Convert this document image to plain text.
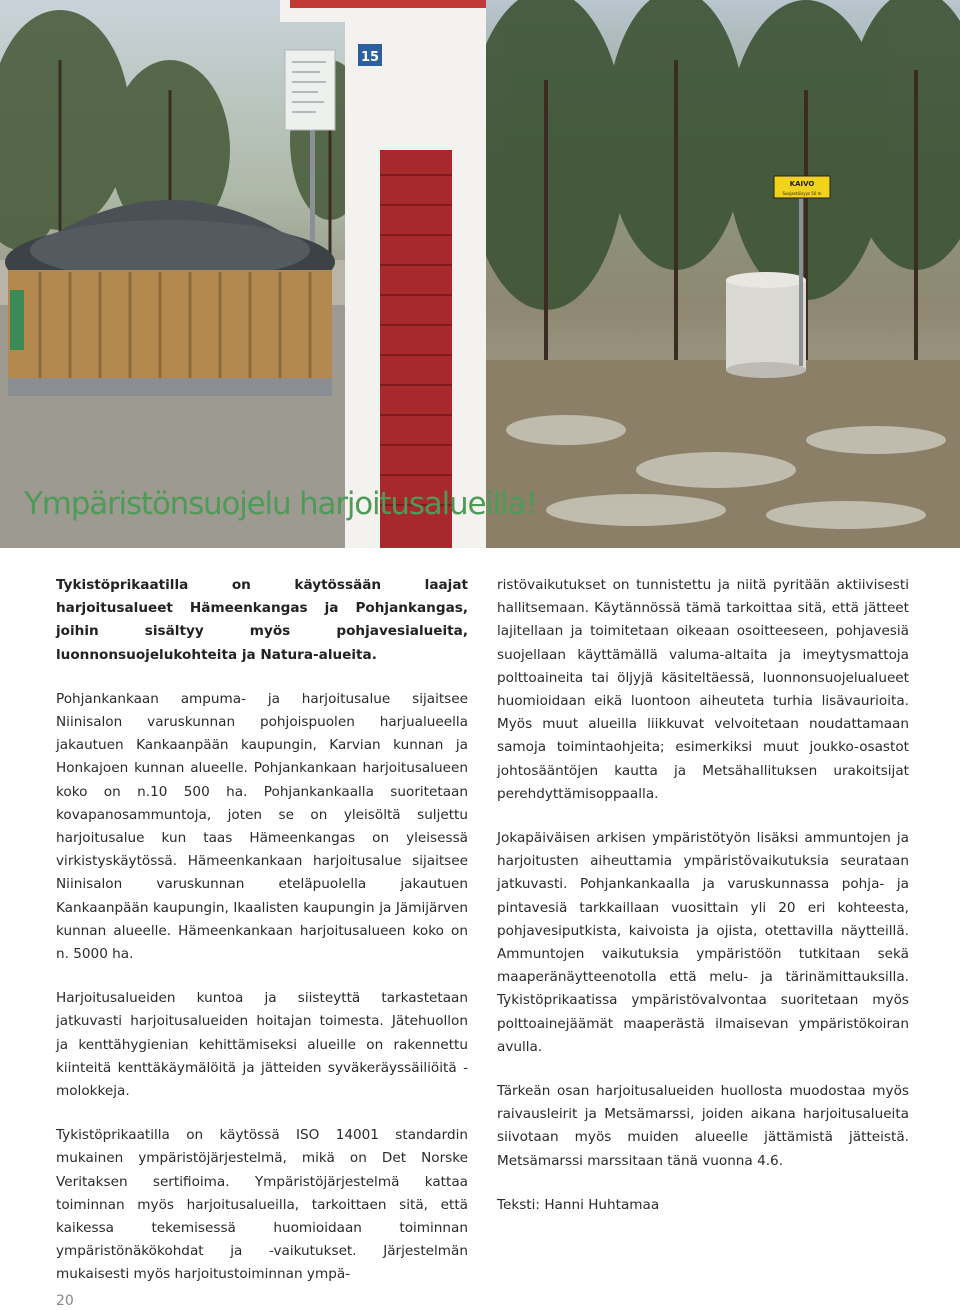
15
KAIVO
Suojaetäisyys 50 m
Ympäristönsuojelu harjoitusalueilla!

Tykistöprikaatilla on käytössään laajat harjoitusalueet Hämeenkangas ja Pohjankangas, joihin sisältyy myös pohjavesialueita, luonnonsuojelukohteita ja Natura-alueita.

Pohjankankaan ampuma- ja harjoitusalue sijaitsee Niinisalon varuskunnan pohjoispuolen harjualueella jakautuen Kankaanpään kaupungin, Karvian kunnan ja Honkajoen kunnan alueelle. Pohjankankaan harjoitusalueen koko on n.10 500 ha. Pohjankankaalla suoritetaan kovapanosammuntoja, joten se on yleisöltä suljettu harjoitusalue kun taas Hämeenkangas on yleisessä virkistyskäytössä. Hämeenkankaan harjoitusalue sijaitsee Niinisalon varuskunnan eteläpuolella jakautuen Kankaanpään kaupungin, Ikaalisten kaupungin ja Jämijärven kunnan alueelle. Hämeenkankaan harjoitusalueen koko on n. 5000 ha.

Harjoitusalueiden kuntoa ja siisteyttä tarkastetaan jatkuvasti harjoitusalueiden hoitajan toimesta. Jätehuollon ja kenttähygienian kehittämiseksi alueille on rakennettu kiinteitä kenttäkäymälöitä ja jätteiden syväkeräyssäiliöitä - molokkeja.

Tykistöprikaatilla on käytössä ISO 14001 standardin mukainen ympäristöjärjestelmä, mikä on Det Norske Veritaksen sertifioima. Ympäristöjärjestelmä kattaa toiminnan myös harjoitusalueilla, tarkoittaen sitä, että kaikessa tekemisessä huomioidaan toiminnan ympäristönäkökohdat ja -vaikutukset. Järjestelmän mukaisesti myös harjoitustoiminnan ympä-

ristövaikutukset on tunnistettu ja niitä pyritään aktiivisesti hallitsemaan. Käytännössä tämä tarkoittaa sitä, että jätteet lajitellaan ja toimitetaan oikeaan osoitteeseen, pohjavesiä suojellaan käyttämällä valuma-altaita ja imeytysmattoja polttoaineita tai öljyjä käsiteltäessä, luonnonsuojelualueet huomioidaan eikä luontoon aiheuteta turhia lisävaurioita. Myös muut alueilla liikkuvat velvoitetaan noudattamaan samoja toimintaohjeita; esimerkiksi muut joukko-osastot johtosääntöjen kautta ja Metsähallituksen urakoitsijat perehdyttämisoppaalla.

Jokapäiväisen arkisen ympäristötyön lisäksi ammuntojen ja harjoitusten aiheuttamia ympäristövaikutuksia seurataan jatkuvasti. Pohjankankaalla ja varuskunnassa pohja- ja pintavesiä tarkkaillaan vuosittain yli 20 eri kohteesta, pohjavesiputkista, kaivoista ja ojista, otettavilla näytteillä. Ammuntojen vaikutuksia ympäristöön tutkitaan sekä maaperänäytteenotolla että melu- ja tärinämittauksilla. Tykistöprikaatissa ympäristövalvontaa suoritetaan myös polttoainejäämät maaperästä ilmaisevan ympäristökoiran avulla.

Tärkeän osan harjoitusalueiden huollosta muodostaa myös raivausleirit ja Metsämarssi, joiden aikana harjoitusalueita siivotaan myös muiden alueelle jättämistä jätteistä. Metsämarssi marssitaan tänä vuonna 4.6.

Teksti: Hanni Huhtamaa

20
